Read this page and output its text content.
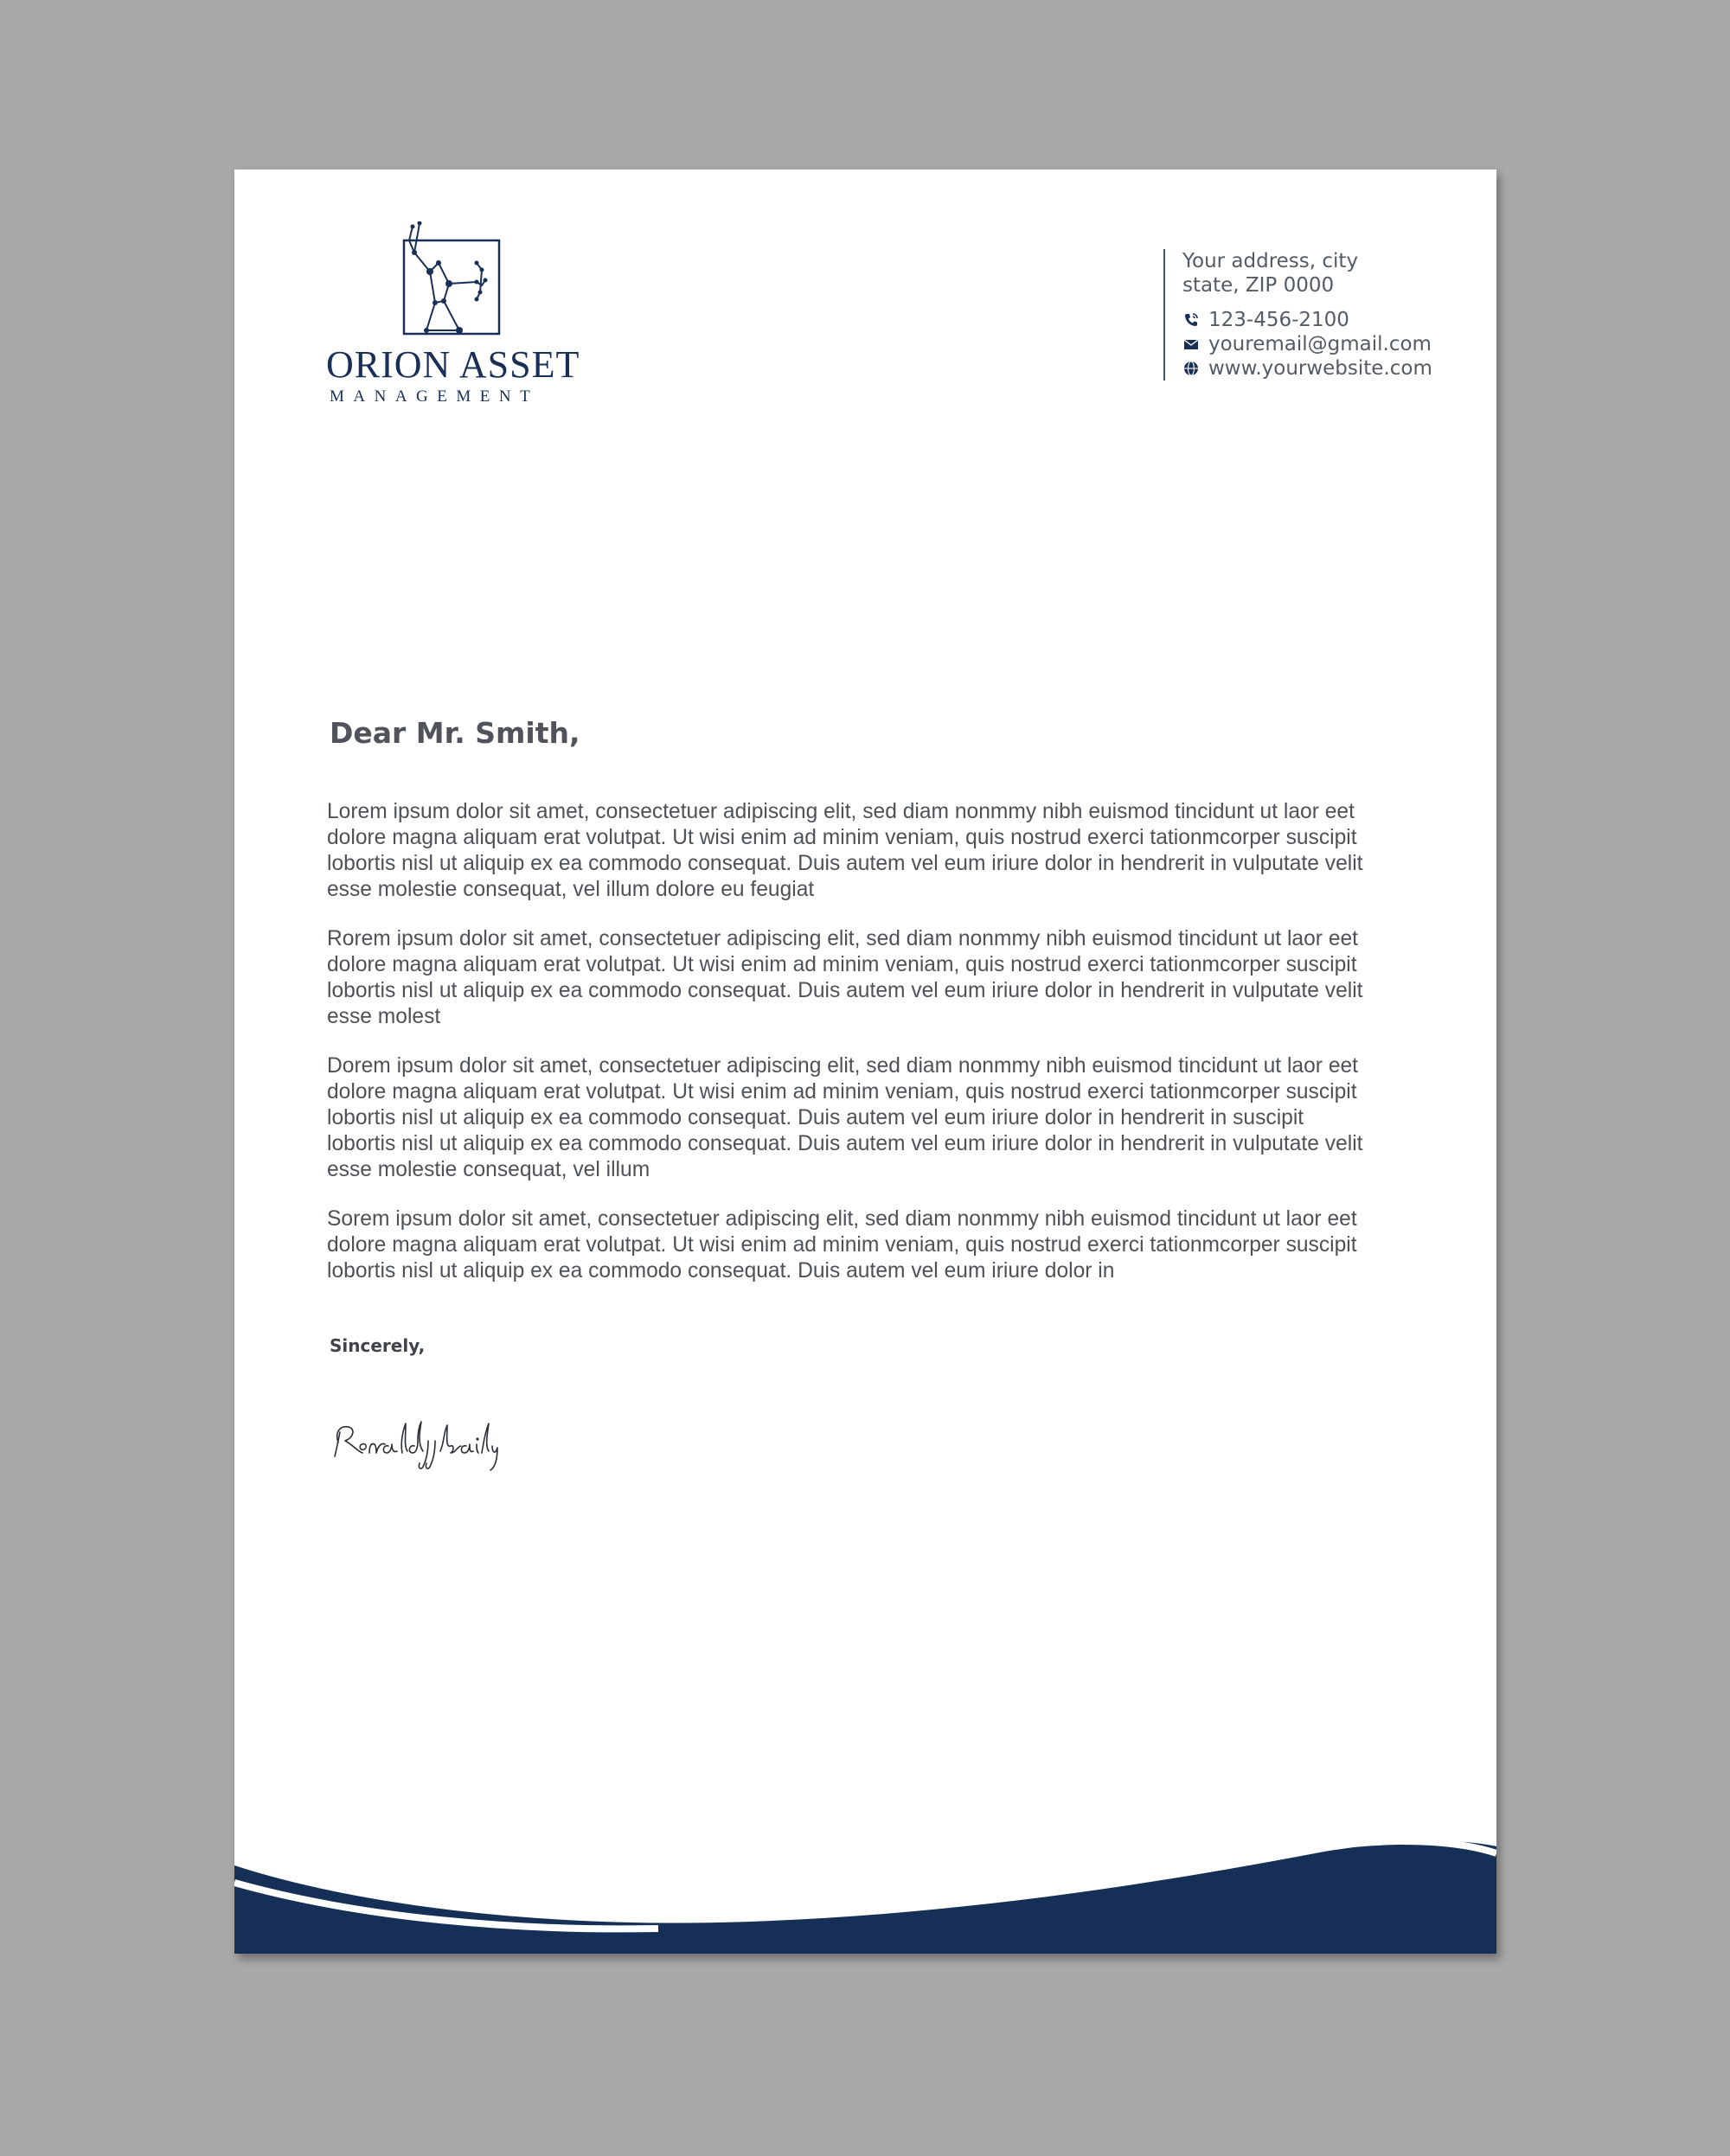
ORION ASSET
MANAGEMENT
Your address, city
state, ZIP 0000
123-456-2100
youremail@gmail.com
www.yourwebsite.com
Dear Mr. Smith,

Lorem ipsum dolor sit amet, consectetuer adipiscing elit, sed diam nonmmy nibh euismod tincidunt ut laor eet dolore magna aliquam erat volutpat. Ut wisi enim ad minim veniam, quis nostrud exerci tationmcorper suscipit lobortis nisl ut aliquip ex ea commodo consequat. Duis autem vel eum iriure dolor in hendrerit in vulputate velit esse molestie consequat, vel illum dolore eu feugiat

Rorem ipsum dolor sit amet, consectetuer adipiscing elit, sed diam nonmmy nibh euismod tincidunt ut laor eet dolore magna aliquam erat volutpat. Ut wisi enim ad minim veniam, quis nostrud exerci tationmcorper suscipit lobortis nisl ut aliquip ex ea commodo consequat. Duis autem vel eum iriure dolor in hendrerit in vulputate velit esse molest

Dorem ipsum dolor sit amet, consectetuer adipiscing elit, sed diam nonmmy nibh euismod tincidunt ut laor eet dolore magna aliquam erat volutpat. Ut wisi enim ad minim veniam, quis nostrud exerci tationmcorper suscipit lobortis nisl ut aliquip ex ea commodo consequat. Duis autem vel eum iriure dolor in hendrerit in suscipit lobortis nisl ut aliquip ex ea commodo consequat. Duis autem vel eum iriure dolor in hendrerit in vulputate velit esse molestie consequat, vel illum

Sorem ipsum dolor sit amet, consectetuer adipiscing elit, sed diam nonmmy nibh euismod tincidunt ut laor eet dolore magna aliquam erat volutpat. Ut wisi enim ad minim veniam, quis nostrud exerci tationmcorper suscipit lobortis nisl ut aliquip ex ea commodo consequat. Duis autem vel eum iriure dolor in

Sincerely,
